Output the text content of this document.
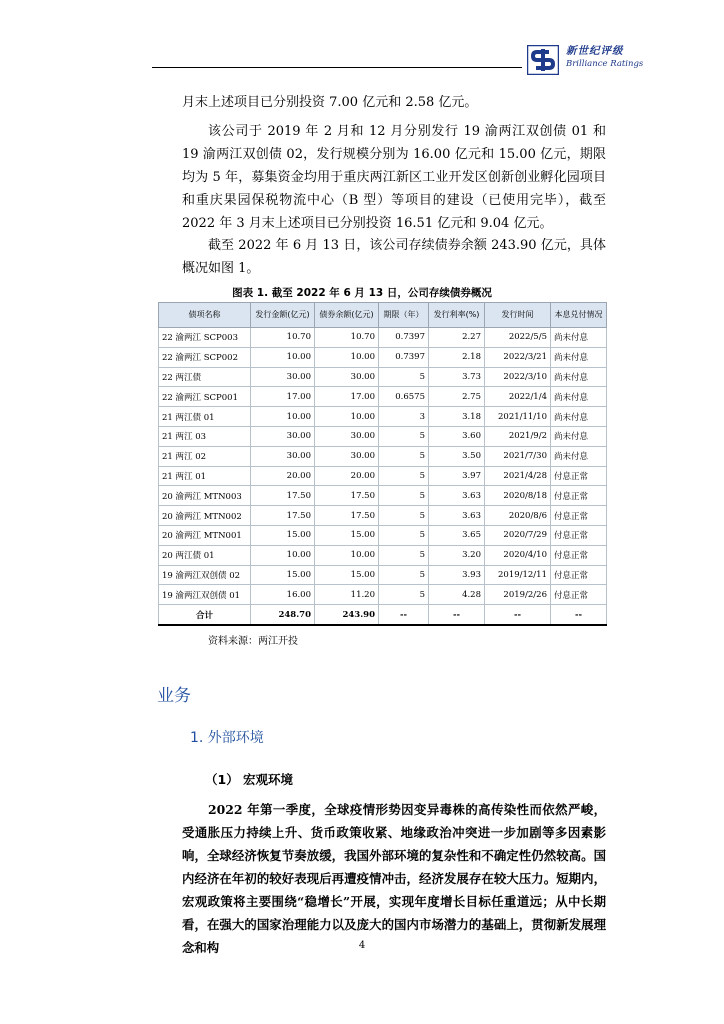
新世纪评级
Brilliance Ratings
月末上述项目已分别投资 7.00 亿元和 2.58 亿元。
该公司于 2019 年 2 月和 12 月分别发行 19 渝两江双创债 01 和 19 渝两江双创债 02，发行规模分别为 16.00 亿元和 15.00 亿元，期限均为 5 年，募集资金均用于重庆两江新区工业开发区创新创业孵化园项目和重庆果园保税物流中心（B 型）等项目的建设（已使用完毕），截至 2022 年 3 月末上述项目已分别投资 16.51 亿元和 9.04 亿元。
截至 2022 年 6 月 13 日，该公司存续债券余额 243.90 亿元，具体概况如图 1。
图表 1. 截至 2022 年 6 月 13 日，公司存续债券概况
债项名称	发行金额(亿元)	债券余额(亿元)	期限（年）	发行利率(%)	发行时间	本息兑付情况
22 渝两江 SCP003	10.70	10.70	0.7397	2.27	2022/5/5	尚未付息
22 渝两江 SCP002	10.00	10.00	0.7397	2.18	2022/3/21	尚未付息
22 两江债	30.00	30.00	5	3.73	2022/3/10	尚未付息
22 渝两江 SCP001	17.00	17.00	0.6575	2.75	2022/1/4	尚未付息
21 两江债 01	10.00	10.00	3	3.18	2021/11/10	尚未付息
21 两江 03	30.00	30.00	5	3.60	2021/9/2	尚未付息
21 两江 02	30.00	30.00	5	3.50	2021/7/30	尚未付息
21 两江 01	20.00	20.00	5	3.97	2021/4/28	付息正常
20 渝两江 MTN003	17.50	17.50	5	3.63	2020/8/18	付息正常
20 渝两江 MTN002	17.50	17.50	5	3.63	2020/8/6	付息正常
20 渝两江 MTN001	15.00	15.00	5	3.65	2020/7/29	付息正常
20 两江债 01	10.00	10.00	5	3.20	2020/4/10	付息正常
19 渝两江双创债 02	15.00	15.00	5	3.93	2019/12/11	付息正常
19 渝两江双创债 01	16.00	11.20	5	4.28	2019/2/26	付息正常
合计	248.70	243.90	--	--	--	--
资料来源：两江开投
业务
1. 外部环境
（1） 宏观环境
2022 年第一季度，全球疫情形势因变异毒株的高传染性而依然严峻，受通胀压力持续上升、货币政策收紧、地缘政治冲突进一步加剧等多因素影响，全球经济恢复节奏放缓，我国外部环境的复杂性和不确定性仍然较高。国内经济在年初的较好表现后再遭疫情冲击，经济发展存在较大压力。短期内，宏观政策将主要围绕“稳增长”开展，实现年度增长目标任重道远；从中长期看，在强大的国家治理能力以及庞大的国内市场潜力的基础上，贯彻新发展理念和构	4
